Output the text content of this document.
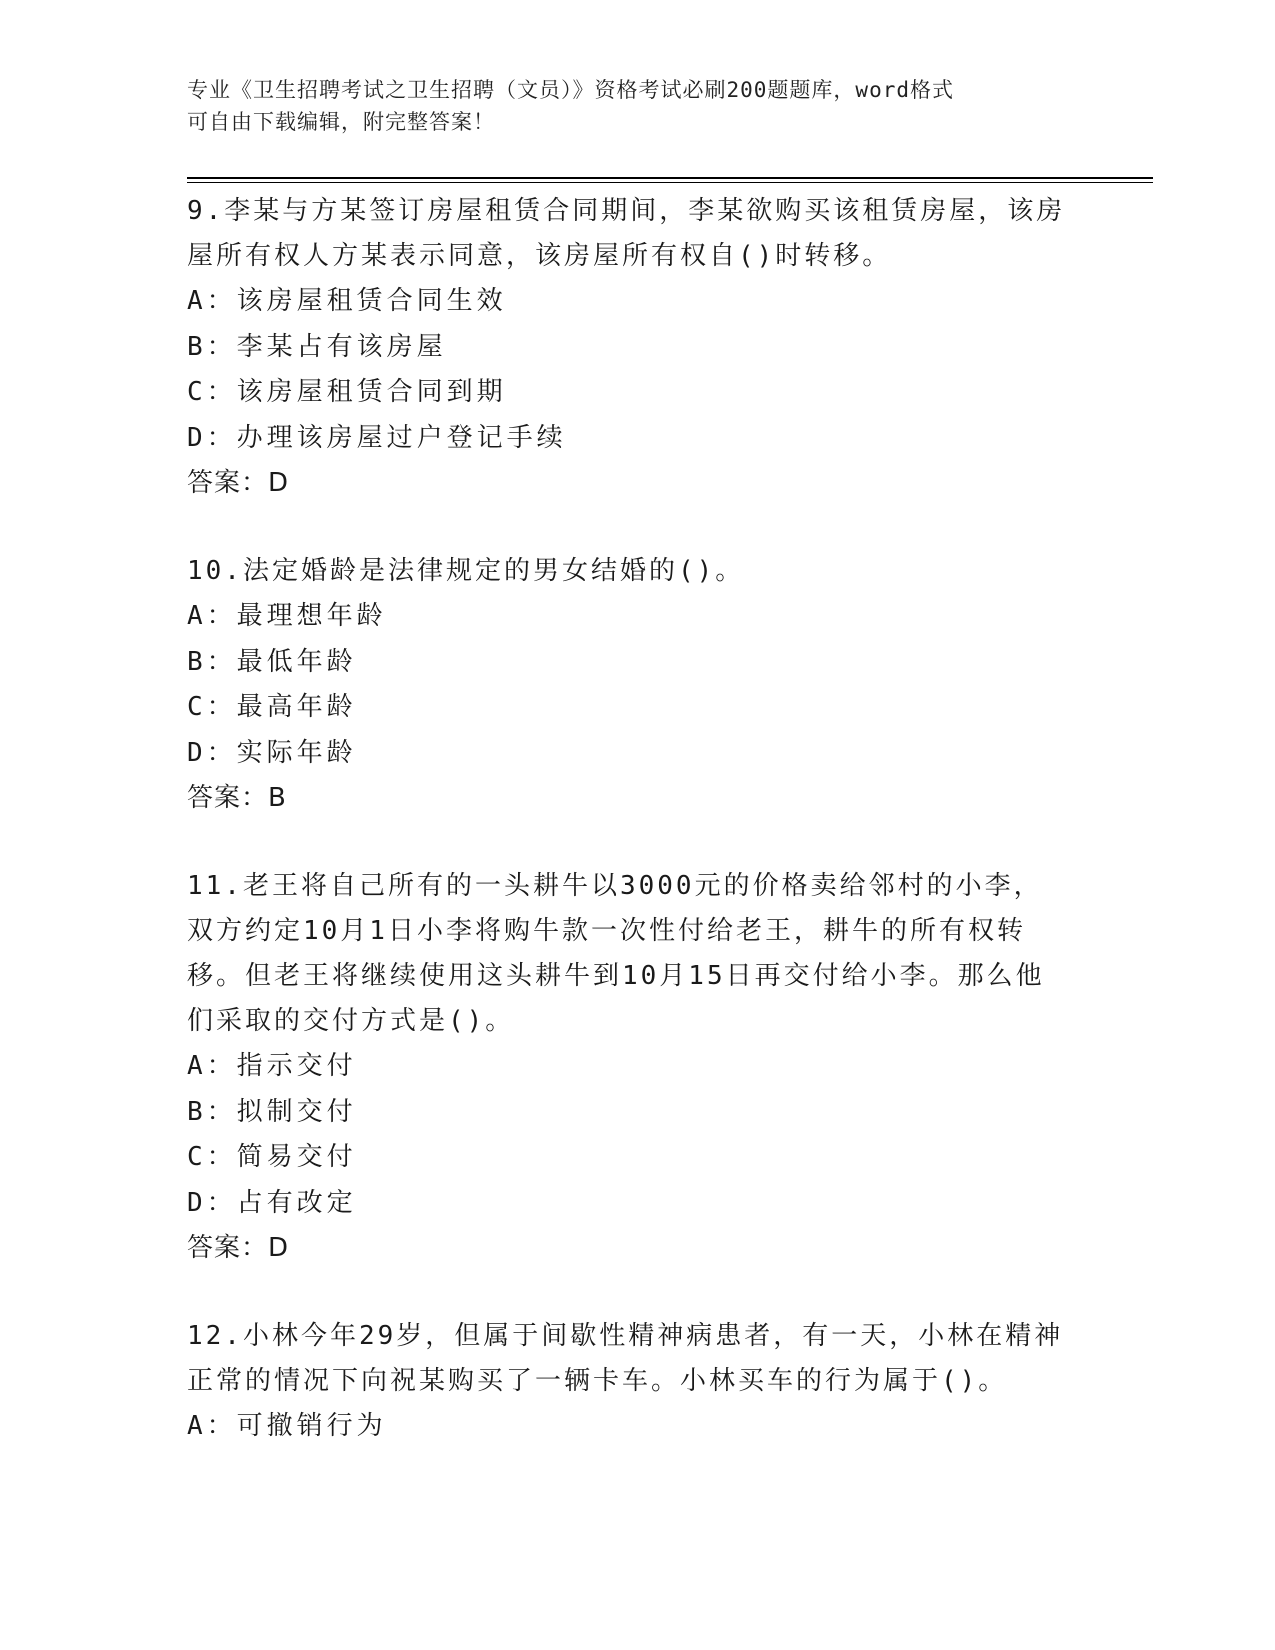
专业《卫生招聘考试之卫生招聘（文员）》资格考试必刷200题题库，word格式
可自由下载编辑，附完整答案！

9.李某与方某签订房屋租赁合同期间，李某欲购买该租赁房屋，该房屋所有权人方某表示同意，该房屋所有权自()时转移。

A：该房屋租赁合同生效

B：李某占有该房屋

C：该房屋租赁合同到期

D：办理该房屋过户登记手续

答案：D

10.法定婚龄是法律规定的男女结婚的()。

A：最理想年龄

B：最低年龄

C：最高年龄

D：实际年龄

答案：B

11.老王将自己所有的一头耕牛以3000元的价格卖给邻村的小李，双方约定10月1日小李将购牛款一次性付给老王，耕牛的所有权转移。但老王将继续使用这头耕牛到10月15日再交付给小李。那么他们采取的交付方式是()。

A：指示交付

B：拟制交付

C：简易交付

D：占有改定

答案：D

12.小林今年29岁，但属于间歇性精神病患者，有一天，小林在精神正常的情况下向祝某购买了一辆卡车。小林买车的行为属于()。

A：可撤销行为
